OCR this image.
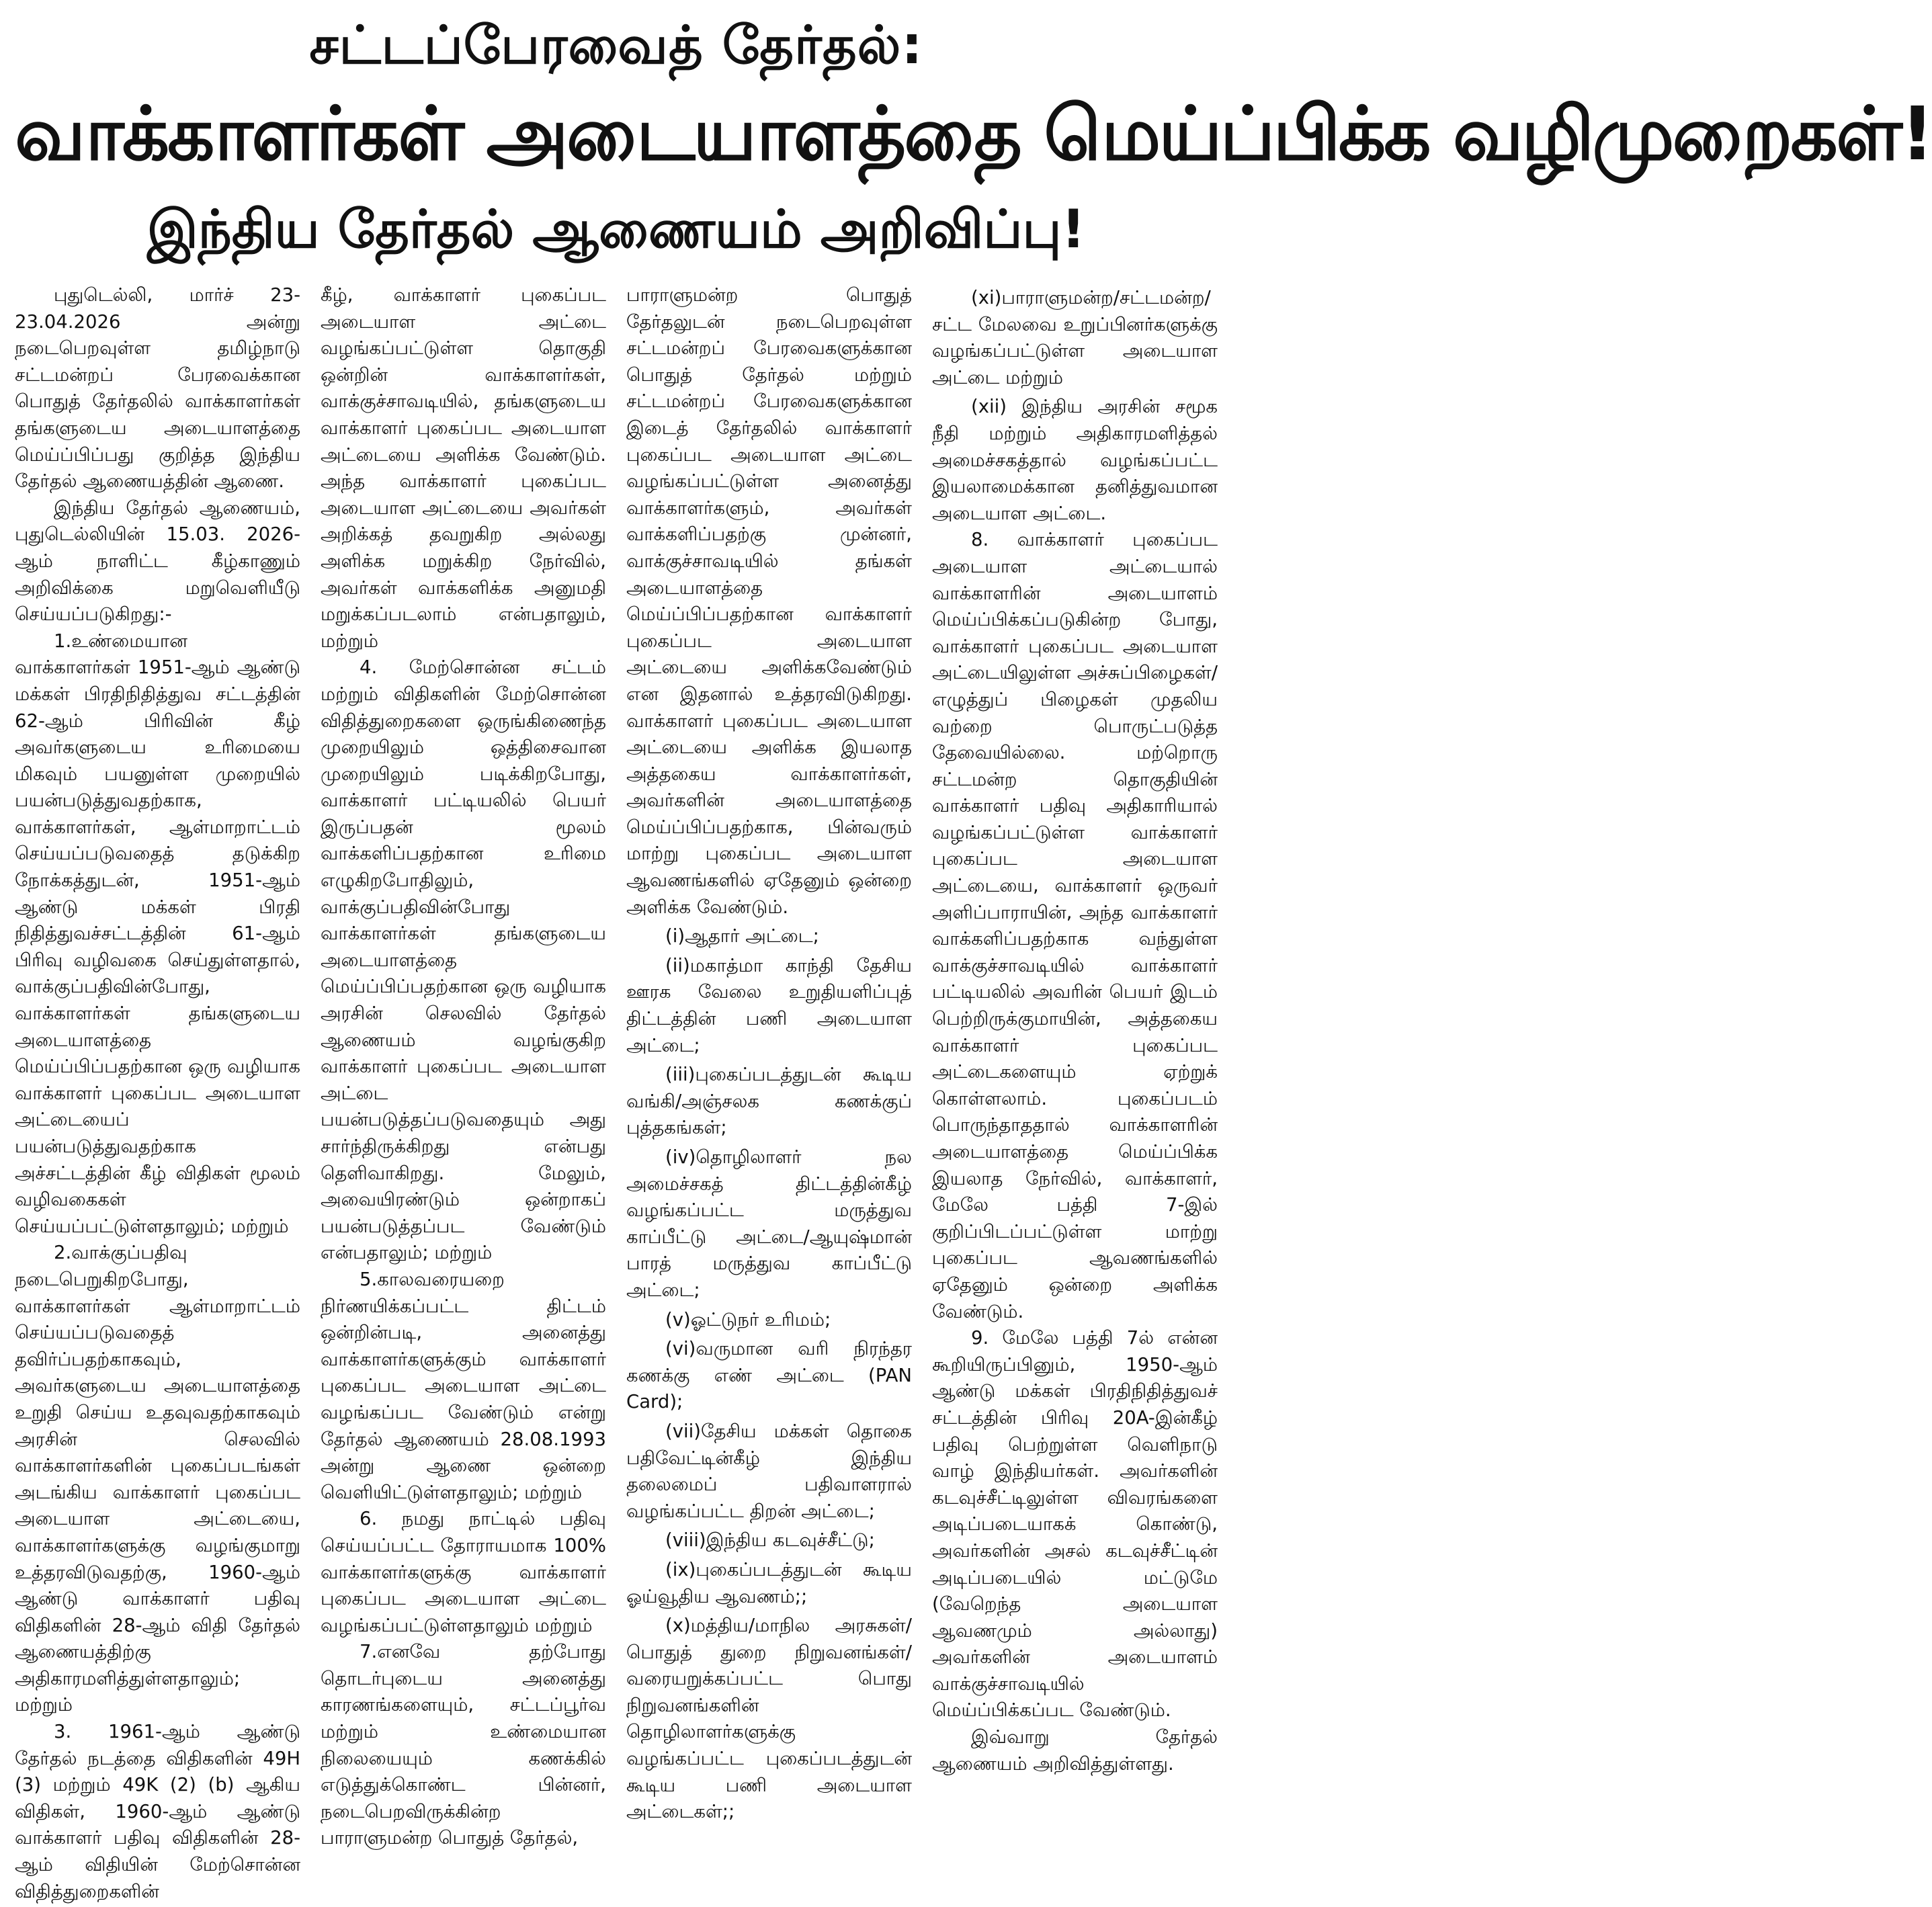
சட்டப்பேரவைத் தேர்தல்:
வாக்காளர்கள் அடையாளத்தை மெய்ப்பிக்க வழிமுறைகள்!
இந்திய தேர்தல் ஆணையம் அறிவிப்பு!

புதுடெல்லி, மார்ச் 23- 23.04.2026 அன்று நடைபெறவுள்ள தமிழ்நாடு சட்டமன்றப் பேரவைக்கான பொதுத் தேர்தலில் வாக்காளர்கள் தங்களுடைய அடையாளத்தை மெய்ப்பிப்பது குறித்த இந்திய தேர்தல் ஆணையத்தின் ஆணை.

இந்திய தேர்தல் ஆணையம், புதுடெல்லியின் 15.03. 2026-ஆம் நாளிட்ட கீழ்காணும் அறிவிக்கை மறுவெளியீடு செய்யப்படுகிறது:-

1.உண்மையான வாக்காளர்கள் 1951-ஆம் ஆண்டு மக்கள் பிரதிநிதித்துவ சட்டத்தின் 62-ஆம் பிரிவின் கீழ் அவர்களுடைய உரிமையை மிகவும் பயனுள்ள முறையில் பயன்படுத்துவதற்காக, வாக்காளர்கள், ஆள்மாறாட்டம் செய்யப்படுவதைத் தடுக்கிற நோக்கத்துடன், 1951-ஆம் ஆண்டு மக்கள் பிரதி நிதித்துவச்சட்டத்தின் 61-ஆம் பிரிவு வழிவகை செய்துள்ளதால், வாக்குப்பதிவின்போது, வாக்காளர்கள் தங்களுடைய அடையாளத்தை மெய்ப்பிப்பதற்கான ஒரு வழியாக வாக்காளர் புகைப்பட அடையாள அட்டையைப் பயன்படுத்துவதற்காக அச்சட்டத்தின் கீழ் விதிகள் மூலம் வழிவகைகள் செய்யப்பட்டுள்ளதாலும்; மற்றும்

2.வாக்குப்பதிவு நடைபெறுகிறபோது, வாக்காளர்கள் ஆள்மாறாட்டம் செய்யப்படுவதைத் தவிர்ப்பதற்காகவும், அவர்களுடைய அடையாளத்தை உறுதி செய்ய உதவுவதற்காகவும் அரசின் செலவில் வாக்காளர்களின் புகைப்படங்கள் அடங்கிய வாக்காளர் புகைப்பட அடையாள அட்டையை, வாக்காளர்களுக்கு வழங்குமாறு உத்தரவிடுவதற்கு, 1960-ஆம் ஆண்டு வாக்காளர் பதிவு விதிகளின் 28-ஆம் விதி தேர்தல் ஆணையத்திற்கு அதிகாரமளித்துள்ளதாலும்; மற்றும்

3. 1961-ஆம் ஆண்டு தேர்தல் நடத்தை விதிகளின் 49H (3) மற்றும் 49K (2) (b) ஆகிய விதிகள், 1960-ஆம் ஆண்டு வாக்காளர் பதிவு விதிகளின் 28-ஆம் விதியின் மேற்சொன்ன விதித்துறைகளின்

கீழ், வாக்காளர் புகைப்பட அடையாள அட்டை வழங்கப்பட்டுள்ள தொகுதி ஒன்றின் வாக்காளர்கள், வாக்குச்சாவடியில், தங்களுடைய வாக்காளர் புகைப்பட அடையாள அட்டையை அளிக்க வேண்டும். அந்த வாக்காளர் புகைப்பட அடையாள அட்டையை அவர்கள் அறிக்கத் தவறுகிற அல்லது அளிக்க மறுக்கிற நேர்வில், அவர்கள் வாக்களிக்க அனுமதி மறுக்கப்படலாம் என்பதாலும், மற்றும்

4. மேற்சொன்ன சட்டம் மற்றும் விதிகளின் மேற்சொன்ன விதித்துறைகளை ஒருங்கிணைந்த முறையிலும் ஒத்திசைவான முறையிலும் படிக்கிறபோது, வாக்காளர் பட்டியலில் பெயர் இருப்பதன் மூலம் வாக்களிப்பதற்கான உரிமை எழுகிறபோதிலும், வாக்குப்பதிவின்போது வாக்காளர்கள் தங்களுடைய அடையாளத்தை மெய்ப்பிப்பதற்கான ஒரு வழியாக அரசின் செலவில் தேர்தல் ஆணையம் வழங்குகிற வாக்காளர் புகைப்பட அடையாள அட்டை பயன்படுத்தப்படுவதையும் அது சார்ந்திருக்கிறது என்பது தெளிவாகிறது. மேலும், அவையிரண்டும் ஒன்றாகப் பயன்படுத்தப்பட வேண்டும் என்பதாலும்; மற்றும்

5.காலவரையறை நிர்ணயிக்கப்பட்ட திட்டம் ஒன்றின்படி, அனைத்து வாக்காளர்களுக்கும் வாக்காளர் புகைப்பட அடையாள அட்டை வழங்கப்பட வேண்டும் என்று தேர்தல் ஆணையம் 28.08.1993 அன்று ஆணை ஒன்றை வெளியிட்டுள்ளதாலும்; மற்றும்

6. நமது நாட்டில் பதிவு செய்யப்பட்ட தோராயமாக 100% வாக்காளர்களுக்கு வாக்காளர் புகைப்பட அடையாள அட்டை வழங்கப்பட்டுள்ளதாலும் மற்றும்

7.எனவே தற்போது தொடர்புடைய அனைத்து காரணங்களையும், சட்டப்பூர்வ மற்றும் உண்மையான நிலையையும் கணக்கில் எடுத்துக்கொண்ட பின்னர், நடைபெறவிருக்கின்ற பாராளுமன்ற பொதுத் தேர்தல்,

பாராளுமன்ற பொதுத் தேர்தலுடன் நடைபெறவுள்ள சட்டமன்றப் பேரவைகளுக்கான பொதுத் தேர்தல் மற்றும் சட்டமன்றப் பேரவைகளுக்கான இடைத் தேர்தலில் வாக்காளர் புகைப்பட அடையாள அட்டை வழங்கப்பட்டுள்ள அனைத்து வாக்காளர்களும், அவர்கள் வாக்களிப்பதற்கு முன்னர், வாக்குச்சாவடியில் தங்கள் அடையாளத்தை மெய்ப்பிப்பதற்கான வாக்காளர் புகைப்பட அடையாள அட்டையை அளிக்கவேண்டும் என இதனால் உத்தரவிடுகிறது. வாக்காளர் புகைப்பட அடையாள அட்டையை அளிக்க இயலாத அத்தகைய வாக்காளர்கள், அவர்களின் அடையாளத்தை மெய்ப்பிப்பதற்காக, பின்வரும் மாற்று புகைப்பட அடையாள ஆவணங்களில் ஏதேனும் ஒன்றை அளிக்க வேண்டும்.

(i)ஆதார் அட்டை;

(ii)மகாத்மா காந்தி தேசிய ஊரக வேலை உறுதியளிப்புத் திட்டத்தின் பணி அடையாள அட்டை;

(iii)புகைப்படத்துடன் கூடிய வங்கி/அஞ்சலக கணக்குப் புத்தகங்கள்;

(iv)தொழிலாளர் நல அமைச்சகத் திட்டத்தின்கீழ் வழங்கப்பட்ட மருத்துவ காப்பீட்டு அட்டை/ஆயுஷ்மான் பாரத் மருத்துவ காப்பீட்டு அட்டை;

(v)ஓட்டுநர் உரிமம்;

(vi)வருமான வரி நிரந்தர கணக்கு எண் அட்டை (PAN Card);

(vii)தேசிய மக்கள் தொகை பதிவேட்டின்கீழ் இந்திய தலைமைப் பதிவாளரால் வழங்கப்பட்ட திறன் அட்டை;

(viii)இந்திய கடவுச்சீட்டு;

(ix)புகைப்படத்துடன் கூடிய ஓய்வூதிய ஆவணம்;;

(x)மத்திய/மாநில அரசுகள்/பொதுத் துறை நிறுவனங்கள்/வரையறுக்கப்பட்ட பொது நிறுவனங்களின் தொழிலாளர்களுக்கு வழங்கப்பட்ட புகைப்படத்துடன் கூடிய பணி அடையாள அட்டைகள்;;

(xi)பாராளுமன்ற/சட்டமன்ற/சட்ட மேலவை உறுப்பினர்களுக்கு வழங்கப்பட்டுள்ள அடையாள அட்டை மற்றும்

(xii) இந்திய அரசின் சமூக நீதி மற்றும் அதிகாரமளித்தல் அமைச்சகத்தால் வழங்கப்பட்ட இயலாமைக்கான தனித்துவமான அடையாள அட்டை.

8. வாக்காளர் புகைப்பட அடையாள அட்டையால் வாக்காளரின் அடையாளம் மெய்ப்பிக்கப்படுகின்ற போது, வாக்காளர் புகைப்பட அடையாள அட்டையிலுள்ள அச்சுப்பிழைகள்/எழுத்துப் பிழைகள் முதலிய வற்றை பொருட்படுத்த தேவையில்லை. மற்றொரு சட்டமன்ற தொகுதியின் வாக்காளர் பதிவு அதிகாரியால் வழங்கப்பட்டுள்ள வாக்காளர் புகைப்பட அடையாள அட்டையை, வாக்காளர் ஒருவர் அளிப்பாராயின், அந்த வாக்காளர் வாக்களிப்பதற்காக வந்துள்ள வாக்குச்சாவடியில் வாக்காளர் பட்டியலில் அவரின் பெயர் இடம் பெற்றிருக்குமாயின், அத்தகைய வாக்காளர் புகைப்பட அட்டைகளையும் ஏற்றுக் கொள்ளலாம். புகைப்படம் பொருந்தாததால் வாக்காளரின் அடையாளத்தை மெய்ப்பிக்க இயலாத நேர்வில், வாக்காளர், மேலே பத்தி 7-இல் குறிப்பிடப்பட்டுள்ள மாற்று புகைப்பட ஆவணங்களில் ஏதேனும் ஒன்றை அளிக்க வேண்டும்.

9. மேலே பத்தி 7ல் என்ன கூறியிருப்பினும், 1950-ஆம் ஆண்டு மக்கள் பிரதிநிதித்துவச் சட்டத்தின் பிரிவு 20A-இன்கீழ் பதிவு பெற்றுள்ள வெளிநாடு வாழ் இந்தியர்கள். அவர்களின் கடவுச்சீட்டிலுள்ள விவரங்களை அடிப்படையாகக் கொண்டு, அவர்களின் அசல் கடவுச்சீட்டின் அடிப்படையில் மட்டுமே (வேறெந்த அடையாள ஆவணமும் அல்லாது) அவர்களின் அடையாளம் வாக்குச்சாவடியில் மெய்ப்பிக்கப்பட வேண்டும்.

இவ்வாறு தேர்தல் ஆணையம் அறிவித்துள்ளது.
